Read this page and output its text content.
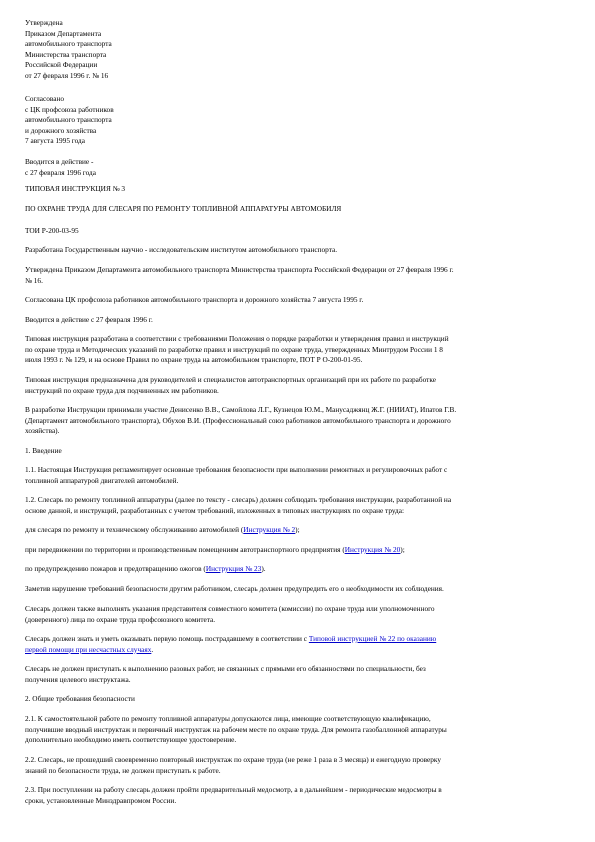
Утверждена
Приказом Департамента
автомобильного транспорта
Министерства транспорта
Российской Федерации
от 27 февраля 1996 г. № 16
Согласовано
с ЦК профсоюза работников
автомобильного транспорта
и дорожного хозяйства
7 августа 1995 года
Вводится в действие -
с 27 февраля 1996 года
ТИПОВАЯ ИНСТРУКЦИЯ № 3
ПО ОХРАНЕ ТРУДА ДЛЯ СЛЕСАРЯ ПО РЕМОНТУ ТОПЛИВНОЙ АППАРАТУРЫ АВТОМОБИЛЯ
ТОИ Р-200-03-95
Разработана Государственным научно - исследовательским институтом автомобильного транспорта.
Утверждена Приказом Департамента автомобильного транспорта Министерства транспорта Российской Федерации от 27 февраля 1996 г.
№ 16.
Согласована ЦК профсоюза работников автомобильного транспорта и дорожного хозяйства 7 августа 1995 г.
Вводится в действие с 27 февраля 1996 г.
Типовая инструкция разработана в соответствии с требованиями Положения о порядке разработки и утверждения правил и инструкций
по охране труда и Методических указаний по разработке правил и инструкций по охране труда, утвержденных Минтрудом России 1 8
июля 1993 г. № 129, и на основе Правил по охране труда на автомобильном транспорте, ПОТ Р О-200-01-95.
Типовая инструкция предназначена для руководителей и специалистов автотранспортных организаций при их работе по разработке
инструкций по охране труда для подчиненных им работников.
В разработке Инструкции принимали участие Денисенко В.В., Самойлова Л.Г., Кузнецов Ю.М., Манусаджянц Ж.Г. (НИИАТ), Ипатов Г.В.
(Департамент автомобильного транспорта), Обухов В.И. (Профессиональный союз работников автомобильного транспорта и дорожного
хозяйства).
1. Введение
1.1. Настоящая Инструкция регламентирует основные требования безопасности при выполнении ремонтных и регулировочных работ с
топливной аппаратурой двигателей автомобилей.
1.2. Слесарь по ремонту топливной аппаратуры (далее по тексту - слесарь) должен соблюдать требования инструкции, разработанной на
основе данной, и инструкций, разработанных с учетом требований, изложенных в типовых инструкциях по охране труда:
для слесаря по ремонту и техническому обслуживанию автомобилей (Инструкция № 2);
при передвижении по территории и производственным помещениям автотранспортного предприятия (Инструкция № 20);
по предупреждению пожаров и предотвращению ожогов (Инструкция № 23).
Заметив нарушение требований безопасности другим работником, слесарь должен предупредить его о необходимости их соблюдения.
Слесарь должен также выполнять указания представителя совместного комитета (комиссии) по охране труда или уполномоченного
(доверенного) лица по охране труда профсоюзного комитета.
Слесарь должен знать и уметь оказывать первую помощь пострадавшему в соответствии с Типовой инструкцией № 22 по оказанию
первой помощи при несчастных случаях.
Слесарь не должен приступать к выполнению разовых работ, не связанных с прямыми его обязанностями по специальности, без
получения целевого инструктажа.
2. Общие требования безопасности
2.1. К самостоятельной работе по ремонту топливной аппаратуры допускаются лица, имеющие соответствующую квалификацию,
получившие вводный инструктаж и первичный инструктаж на рабочем месте по охране труда. Для ремонта газобаллонной аппаратуры
дополнительно необходимо иметь соответствующее удостоверение.
2.2. Слесарь, не прошедший своевременно повторный инструктаж по охране труда (не реже 1 раза в 3 месяца) и ежегодную проверку
знаний по безопасности труда, не должен приступать к работе.
2.3. При поступлении на работу слесарь должен пройти предварительный медосмотр, а в дальнейшем - периодические медосмотры в
сроки, установленные Минздравпромом России.
